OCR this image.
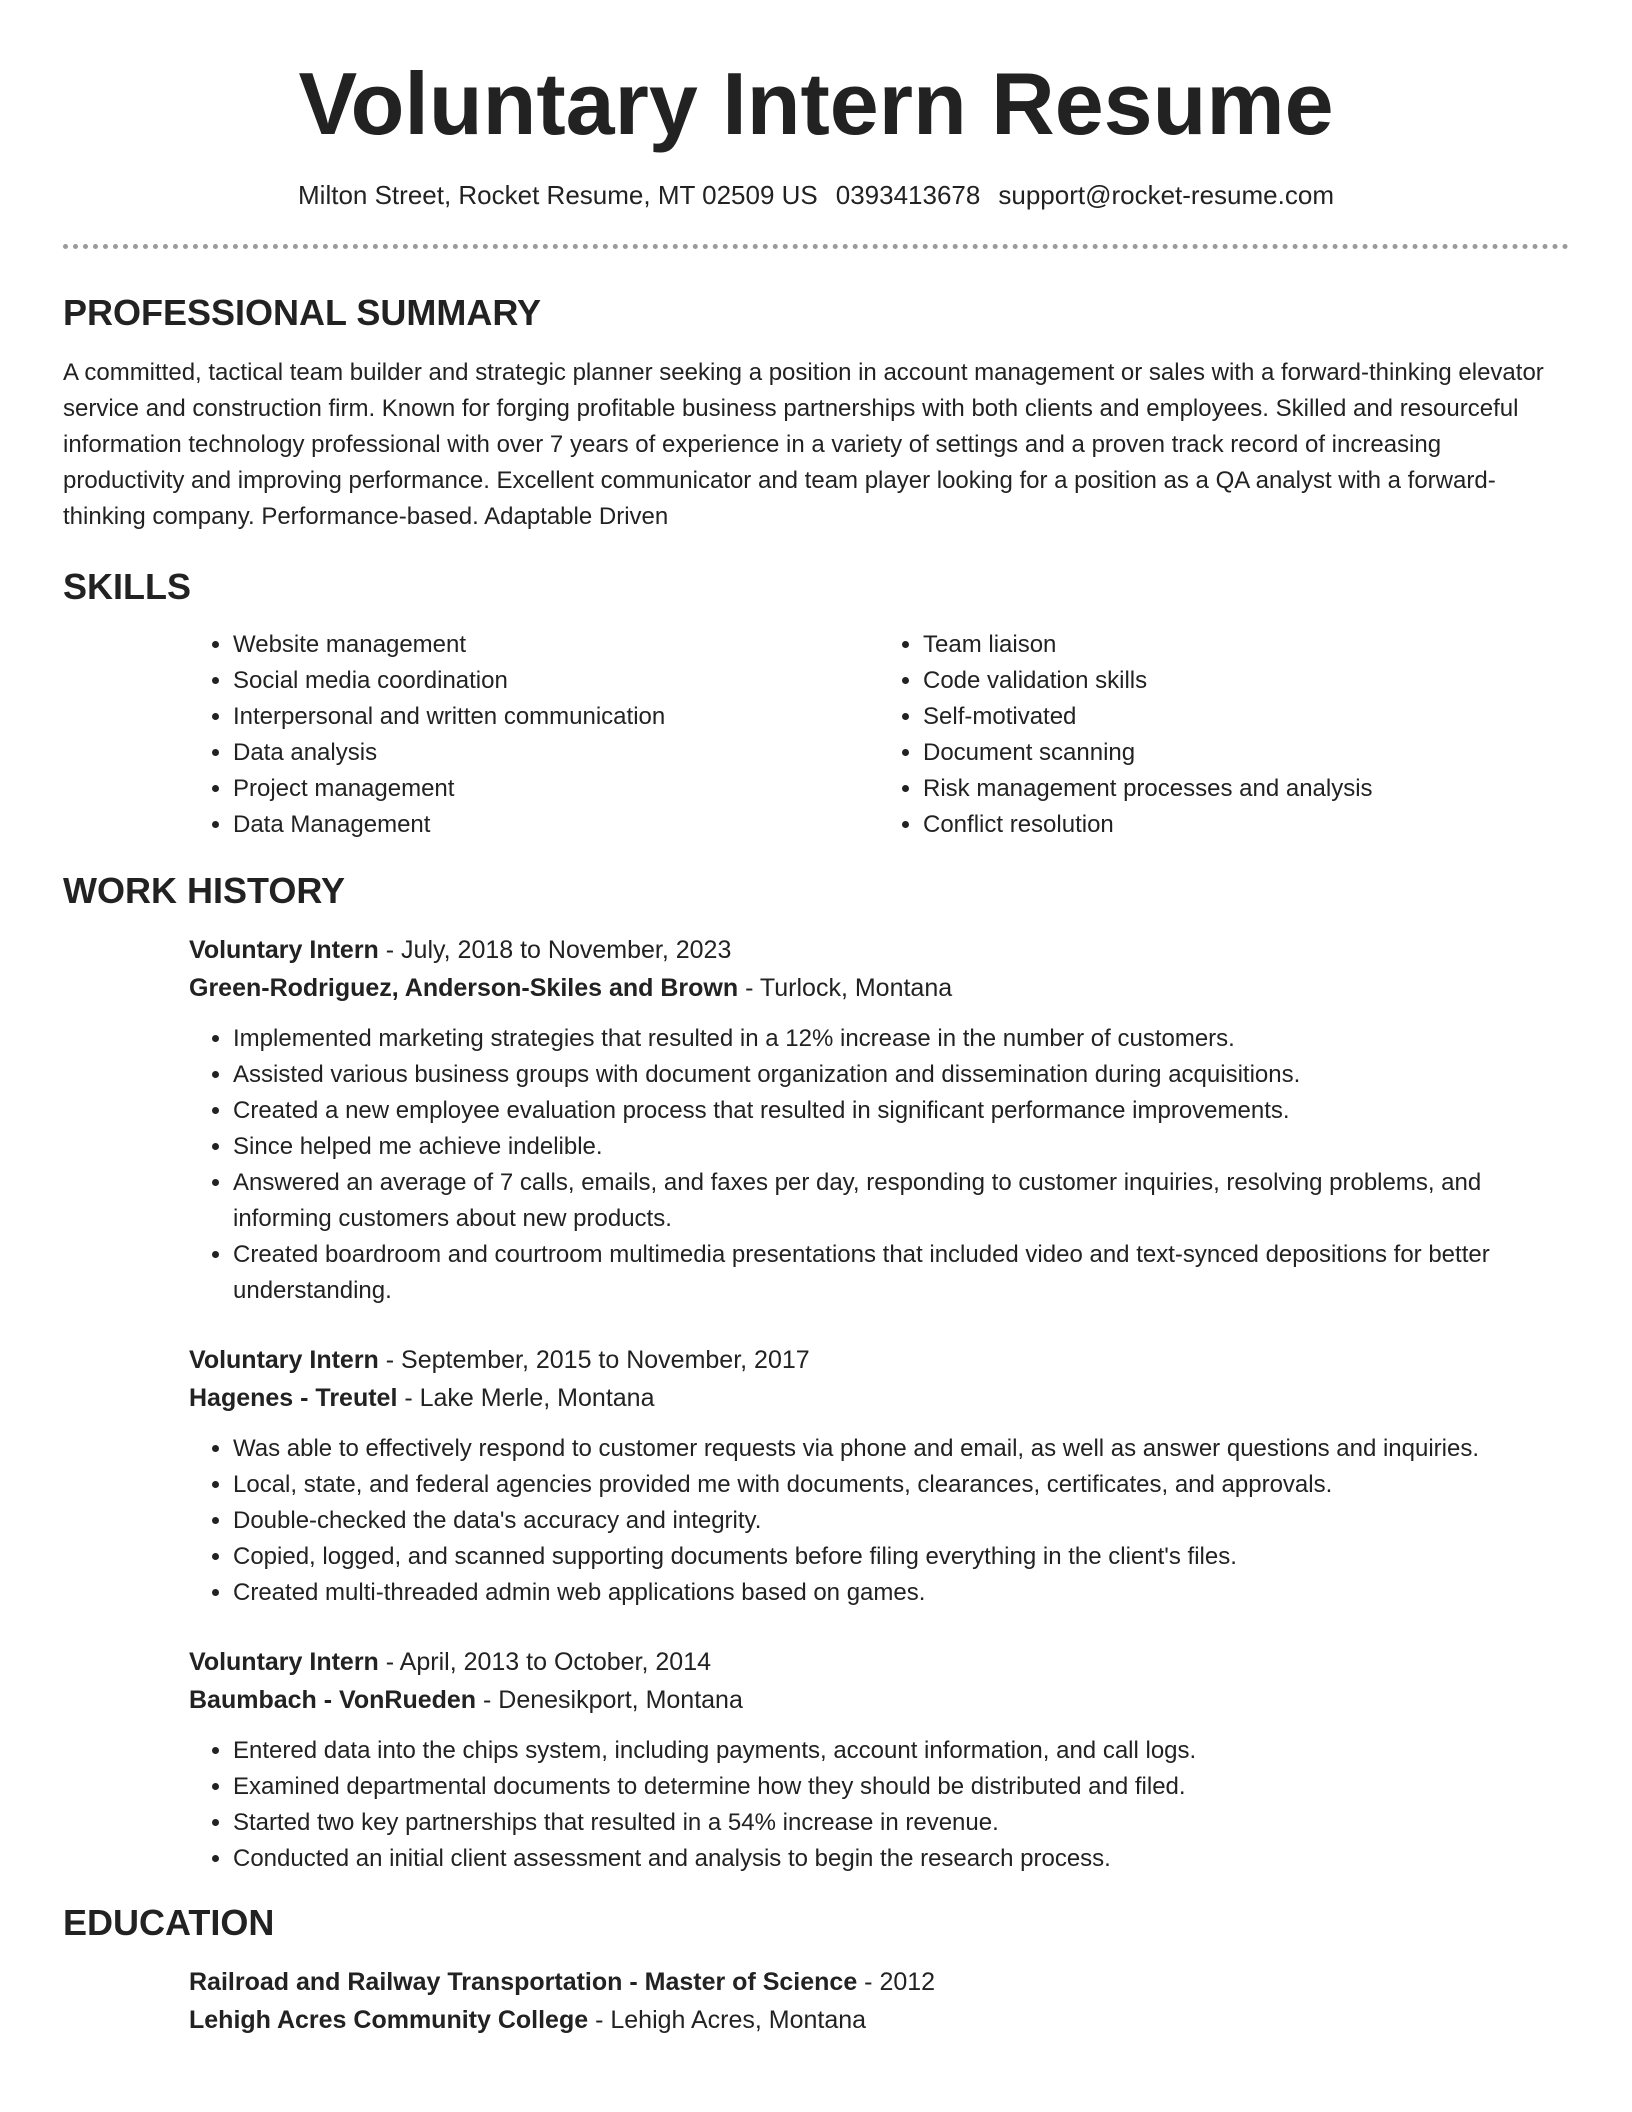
Voluntary Intern Resume
Milton Street, Rocket Resume, MT 02509 US 0393413678 support@rocket-resume.com
PROFESSIONAL SUMMARY

A committed, tactical team builder and strategic planner seeking a position in account management or sales with a forward-thinking elevator service and construction firm. Known for forging profitable business partnerships with both clients and employees. Skilled and resourceful information technology professional with over 7 years of experience in a variety of settings and a proven track record of increasing productivity and improving performance. Excellent communicator and team player looking for a position as a QA analyst with a forward-thinking company. Performance-based. Adaptable Driven

SKILLS
• Website management
• Social media coordination
• Interpersonal and written communication
• Data analysis
• Project management
• Data Management
• Team liaison
• Code validation skills
• Self-motivated
• Document scanning
• Risk management processes and analysis
• Conflict resolution
WORK HISTORY
Voluntary Intern - July, 2018 to November, 2023
Green-Rodriguez, Anderson-Skiles and Brown - Turlock, Montana
• Implemented marketing strategies that resulted in a 12% increase in the number of customers.
• Assisted various business groups with document organization and dissemination during acquisitions.
• Created a new employee evaluation process that resulted in significant performance improvements.
• Since helped me achieve indelible.
• Answered an average of 7 calls, emails, and faxes per day, responding to customer inquiries, resolving problems, and informing customers about new products.
• Created boardroom and courtroom multimedia presentations that included video and text-synced depositions for better understanding.
Voluntary Intern - September, 2015 to November, 2017
Hagenes - Treutel - Lake Merle, Montana
• Was able to effectively respond to customer requests via phone and email, as well as answer questions and inquiries.
• Local, state, and federal agencies provided me with documents, clearances, certificates, and approvals.
• Double-checked the data's accuracy and integrity.
• Copied, logged, and scanned supporting documents before filing everything in the client's files.
• Created multi-threaded admin web applications based on games.
Voluntary Intern - April, 2013 to October, 2014
Baumbach - VonRueden - Denesikport, Montana
• Entered data into the chips system, including payments, account information, and call logs.
• Examined departmental documents to determine how they should be distributed and filed.
• Started two key partnerships that resulted in a 54% increase in revenue.
• Conducted an initial client assessment and analysis to begin the research process.
EDUCATION
Railroad and Railway Transportation - Master of Science - 2012
Lehigh Acres Community College - Lehigh Acres, Montana
